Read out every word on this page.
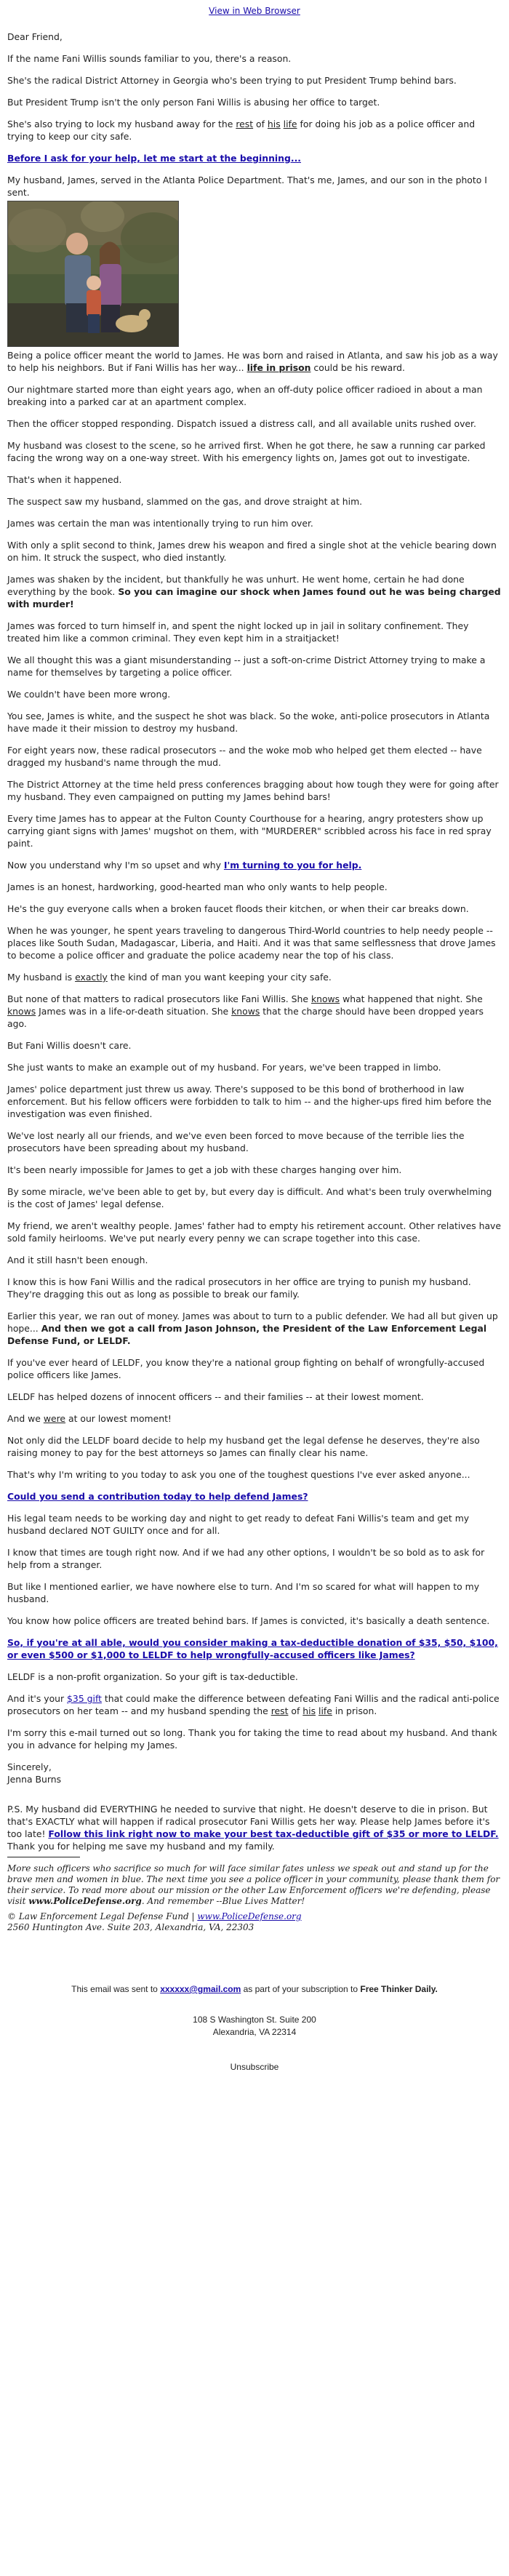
View in Web Browser

Dear Friend,

If the name Fani Willis sounds familiar to you, there's a reason.

She's the radical District Attorney in Georgia who's been trying to put President Trump behind bars.

But President Trump isn't the only person Fani Willis is abusing her office to target.

She's also trying to lock my husband away for the rest of his life for doing his job as a police officer and trying to keep our city safe.

Before I ask for your help, let me start at the beginning...

My husband, James, served in the Atlanta Police Department. That's me, James, and our son in the photo I sent.

Being a police officer meant the world to James. He was born and raised in Atlanta, and saw his job as a way to help his neighbors. But if Fani Willis has her way... life in prison could be his reward.

Our nightmare started more than eight years ago, when an off-duty police officer radioed in about a man breaking into a parked car at an apartment complex.

Then the officer stopped responding. Dispatch issued a distress call, and all available units rushed over.

My husband was closest to the scene, so he arrived first. When he got there, he saw a running car parked facing the wrong way on a one-way street. With his emergency lights on, James got out to investigate.

That's when it happened.

The suspect saw my husband, slammed on the gas, and drove straight at him.

James was certain the man was intentionally trying to run him over.

With only a split second to think, James drew his weapon and fired a single shot at the vehicle bearing down on him. It struck the suspect, who died instantly.

James was shaken by the incident, but thankfully he was unhurt. He went home, certain he had done everything by the book. So you can imagine our shock when James found out he was being charged with murder!

James was forced to turn himself in, and spent the night locked up in jail in solitary confinement. They treated him like a common criminal. They even kept him in a straitjacket!

We all thought this was a giant misunderstanding -- just a soft-on-crime District Attorney trying to make a name for themselves by targeting a police officer.

We couldn't have been more wrong.

You see, James is white, and the suspect he shot was black. So the woke, anti-police prosecutors in Atlanta have made it their mission to destroy my husband.

For eight years now, these radical prosecutors -- and the woke mob who helped get them elected -- have dragged my husband's name through the mud.

The District Attorney at the time held press conferences bragging about how tough they were for going after my husband. They even campaigned on putting my James behind bars!

Every time James has to appear at the Fulton County Courthouse for a hearing, angry protesters show up carrying giant signs with James' mugshot on them, with "MURDERER" scribbled across his face in red spray paint.

Now you understand why I'm so upset and why I'm turning to you for help.

James is an honest, hardworking, good-hearted man who only wants to help people.

He's the guy everyone calls when a broken faucet floods their kitchen, or when their car breaks down.

When he was younger, he spent years traveling to dangerous Third-World countries to help needy people -- places like South Sudan, Madagascar, Liberia, and Haiti. And it was that same selflessness that drove James to become a police officer and graduate the police academy near the top of his class.

My husband is exactly the kind of man you want keeping your city safe.

But none of that matters to radical prosecutors like Fani Willis. She knows what happened that night. She knows James was in a life-or-death situation. She knows that the charge should have been dropped years ago.

But Fani Willis doesn't care.

She just wants to make an example out of my husband. For years, we've been trapped in limbo.

James' police department just threw us away. There's supposed to be this bond of brotherhood in law enforcement. But his fellow officers were forbidden to talk to him -- and the higher-ups fired him before the investigation was even finished.

We've lost nearly all our friends, and we've even been forced to move because of the terrible lies the prosecutors have been spreading about my husband.

It's been nearly impossible for James to get a job with these charges hanging over him.

By some miracle, we've been able to get by, but every day is difficult. And what's been truly overwhelming is the cost of James' legal defense.

My friend, we aren't wealthy people. James' father had to empty his retirement account. Other relatives have sold family heirlooms. We've put nearly every penny we can scrape together into this case.

And it still hasn't been enough.

I know this is how Fani Willis and the radical prosecutors in her office are trying to punish my husband. They're dragging this out as long as possible to break our family.

Earlier this year, we ran out of money. James was about to turn to a public defender. We had all but given up hope... And then we got a call from Jason Johnson, the President of the Law Enforcement Legal Defense Fund, or LELDF.

If you've ever heard of LELDF, you know they're a national group fighting on behalf of wrongfully-accused police officers like James.

LELDF has helped dozens of innocent officers -- and their families -- at their lowest moment.

And we were at our lowest moment!

Not only did the LELDF board decide to help my husband get the legal defense he deserves, they're also raising money to pay for the best attorneys so James can finally clear his name.

That's why I'm writing to you today to ask you one of the toughest questions I've ever asked anyone...

Could you send a contribution today to help defend James?

His legal team needs to be working day and night to get ready to defeat Fani Willis's team and get my husband declared NOT GUILTY once and for all.

I know that times are tough right now. And if we had any other options, I wouldn't be so bold as to ask for help from a stranger.

But like I mentioned earlier, we have nowhere else to turn. And I'm so scared for what will happen to my husband.

You know how police officers are treated behind bars. If James is convicted, it's basically a death sentence.

So, if you're at all able, would you consider making a tax-deductible donation of $35, $50, $100, or even $500 or $1,000 to LELDF to help wrongfully-accused officers like James?

LELDF is a non-profit organization. So your gift is tax-deductible.

And it's your $35 gift that could make the difference between defeating Fani Willis and the radical anti-police prosecutors on her team -- and my husband spending the rest of his life in prison.

I'm sorry this e-mail turned out so long. Thank you for taking the time to read about my husband. And thank you in advance for helping my James.

Sincerely,
Jenna Burns

P.S. My husband did EVERYTHING he needed to survive that night. He doesn't deserve to die in prison. But that's EXACTLY what will happen if radical prosecutor Fani Willis gets her way. Please help James before it's too late! Follow this link right now to make your best tax-deductible gift of $35 or more to LELDF. Thank you for helping me save my husband and my family.

More such officers who sacrifice so much for will face similar fates unless we speak out and stand up for the brave men and women in blue. The next time you see a police officer in your community, please thank them for their service. To read more about our mission or the other Law Enforcement officers we're defending, please visit www.PoliceDefense.org. And remember --Blue Lives Matter!
© Law Enforcement Legal Defense Fund | www.PoliceDefense.org
2560 Huntington Ave. Suite 203, Alexandria, VA, 22303
This email was sent to xxxxxx@gmail.com as part of your subscription to Free Thinker Daily.
108 S Washington St. Suite 200
Alexandria, VA 22314
Unsubscribe
